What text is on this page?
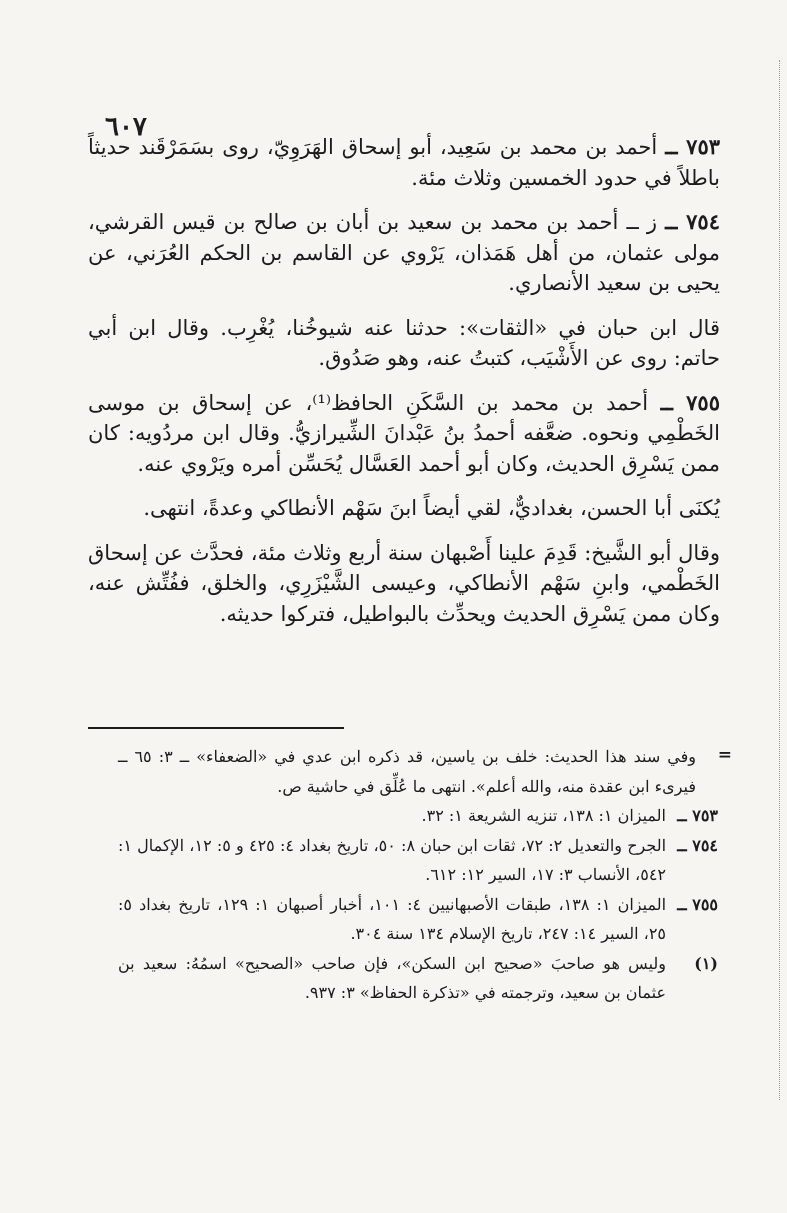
٦٠٧

٧٥٣ ــ أحمد بن محمد بن سَعِيد، أبو إسحاق الهَرَوِيّ، روى بسَمَرْقَند حديثاً باطلاً في حدود الخمسين وثلاث مئة.

٧٥٤ ــ ز ــ أحمد بن محمد بن سعيد بن أبان بن صالح بن قيس القرشي، مولى عثمان، من أهل هَمَذان، يَرْوي عن القاسم بن الحكم العُرَني، عن يحيى بن سعيد الأنصاري.

قال ابن حبان في «الثقات»: حدثنا عنه شيوخُنا، يُغْرِب. وقال ابن أبي حاتم: روى عن الأَشْيَب، كتبتُ عنه، وهو صَدُوق.

٧٥٥ ــ أحمد بن محمد بن السَّكَنِ الحافظ⁽¹⁾، عن إسحاق بن موسى الخَطْمِي ونحوه. ضعَّفه أحمدُ بنُ عَبْدانَ الشِّيرازيُّ. وقال ابن مردُويه: كان ممن يَسْرِق الحديث، وكان أبو أحمد العَسَّال يُحَسِّن أمره ويَرْوي عنه.

يُكنَى أبا الحسن، بغداديٌّ، لقي أيضاً ابنَ سَهْم الأنطاكي وعدةً، انتهى.

وقال أبو الشَّيخ: قَدِمَ علينا أَصْبهان سنة أربع وثلاث مئة، فحدَّث عن إسحاق الخَطْمي، وابنِ سَهْم الأنطاكي، وعيسى الشَّيْزَرِي، والخلق، ففُتِّش عنه، وكان ممن يَسْرِق الحديث ويحدِّث بالبواطيل، فتركوا حديثه.

=
وفي سند هذا الحديث: خلف بن ياسين، قد ذكره ابن عدي في «الضعفاء» ــ ٣: ٦٥ ــ فيرىء ابن عقدة منه، والله أعلم». انتهى ما عُلِّق في حاشية ص.

٧٥٣ ــ
الميزان ١: ١٣٨، تنزيه الشريعة ١: ٣٢.

٧٥٤ ــ
الجرح والتعديل ٢: ٧٢، ثقات ابن حبان ٨: ٥٠، تاريخ بغداد ٤: ٤٢٥ و ٥: ١٢، الإكمال ١: ٥٤٢، الأنساب ٣: ١٧، السير ١٢: ٦١٢.

٧٥٥ ــ
الميزان ١: ١٣٨، طبقات الأصبهانيين ٤: ١٠١، أخبار أصبهان ١: ١٢٩، تاريخ بغداد ٥: ٢٥، السير ١٤: ٢٤٧، تاريخ الإسلام ١٣٤ سنة ٣٠٤.

(١)
وليس هو صاحبَ «صحيح ابن السكن»، فإن صاحب «الصحيح» اسمُهُ: سعيد بن عثمان بن سعيد، وترجمته في «تذكرة الحفاظ» ٣: ٩٣٧.
